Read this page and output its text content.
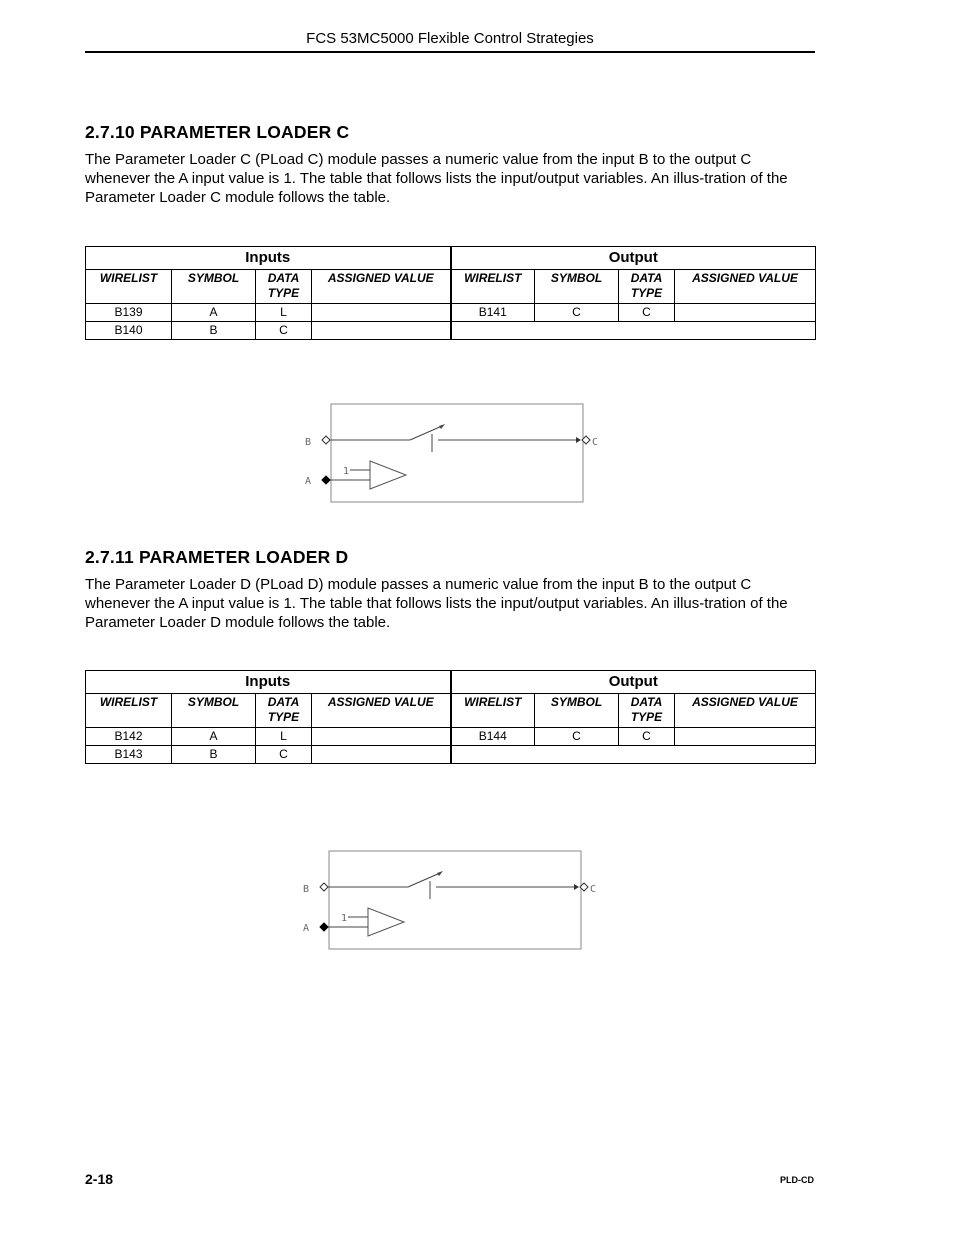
FCS 53MC5000 Flexible Control Strategies
2.7.10 PARAMETER LOADER C
The Parameter Loader C (PLoad C) module passes a numeric value from the input B to the output C whenever the A input value is 1. The table that follows lists the input/output variables. An illus-tration of the Parameter Loader C module follows the table.
Inputs				Output			
WIRELIST	SYMBOL	DATA TYPE	ASSIGNED VALUE	WIRELIST	SYMBOL	DATA TYPE	ASSIGNED VALUE
B139	A	L		B141	C	C	
B140	B	C					
B	C
1
A
2.7.11 PARAMETER LOADER D
The Parameter Loader D (PLoad D) module passes a numeric value from the input B to the output C whenever the A input value is 1. The table that follows lists the input/output variables. An illus-tration of the Parameter Loader D module follows the table.
Inputs				Output			
WIRELIST	SYMBOL	DATA TYPE	ASSIGNED VALUE	WIRELIST	SYMBOL	DATA TYPE	ASSIGNED VALUE
B142	A	L		B144	C	C	
B143	B	C					
B	C
1
A
2-18	PLD-CD
